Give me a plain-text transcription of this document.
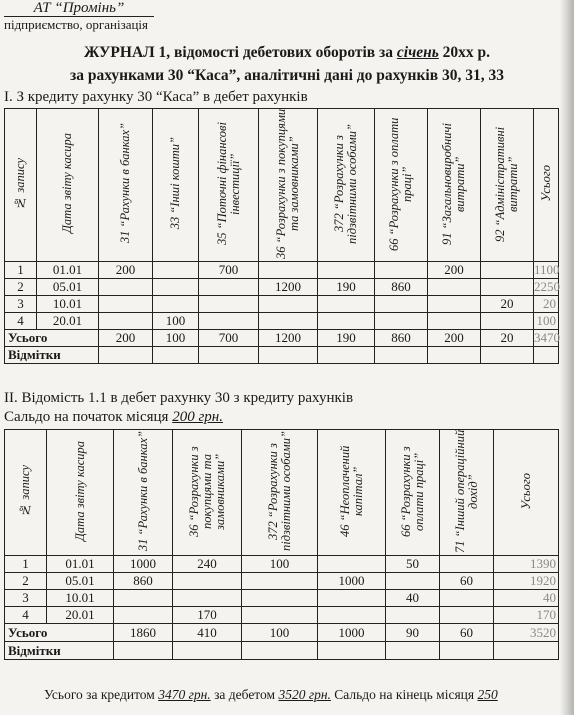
АТ “Промінь”
підприємство, організація
ЖУРНАЛ 1, відомості дебетових оборотів за січень 20хх р.
за рахунками 30 “Каса”, аналітичні дані до рахунків 30, 31, 33
І. З кредиту рахунку 30 “Каса” в дебет рахунків
№ запису	Дата звіту касира	31 “Рахунки в банках”	33 “Інші кошти”	35 “Поточні фінансові інвестиції”	36 “Розрахунки з покупцями та замовниками”	372 “Розрахунки з підзвітними особами”	66 “Розрахунки з оплати праці”	91 “Загальновиробничі витрати”	92 “Адміністративні витрати”	Усього
1	01.01	200		700				200		1100
2	05.01				1200	190	860			2250
3	10.01								20	20
4	20.01		100							100
Усього		200	100	700	1200	190	860	200	20	3470
Відмітки										
ІІ. Відомість 1.1 в дебет рахунку 30 з кредиту рахунків
Сальдо на початок місяця 200 грн.
№ запису	Дата звіту касира	31 “Рахунки в банках”	36 “Розрахунки з покупцями та замовниками”	372 “Розрахунки з підзвітними особами”	46 “Неоплачений капітал”	66 “Розрахунки з оплати праці”	71 “Інший операційний дохід”	Усього
1	01.01	1000	240	100		50		1390
2	05.01	860			1000		60	1920
3	10.01					40		40
4	20.01		170					170
Усього		1860	410	100	1000	90	60	3520
Відмітки								
Усього за кредитом 3470 грн. за дебетом 3520 грн. Сальдо на кінець місяця 250
